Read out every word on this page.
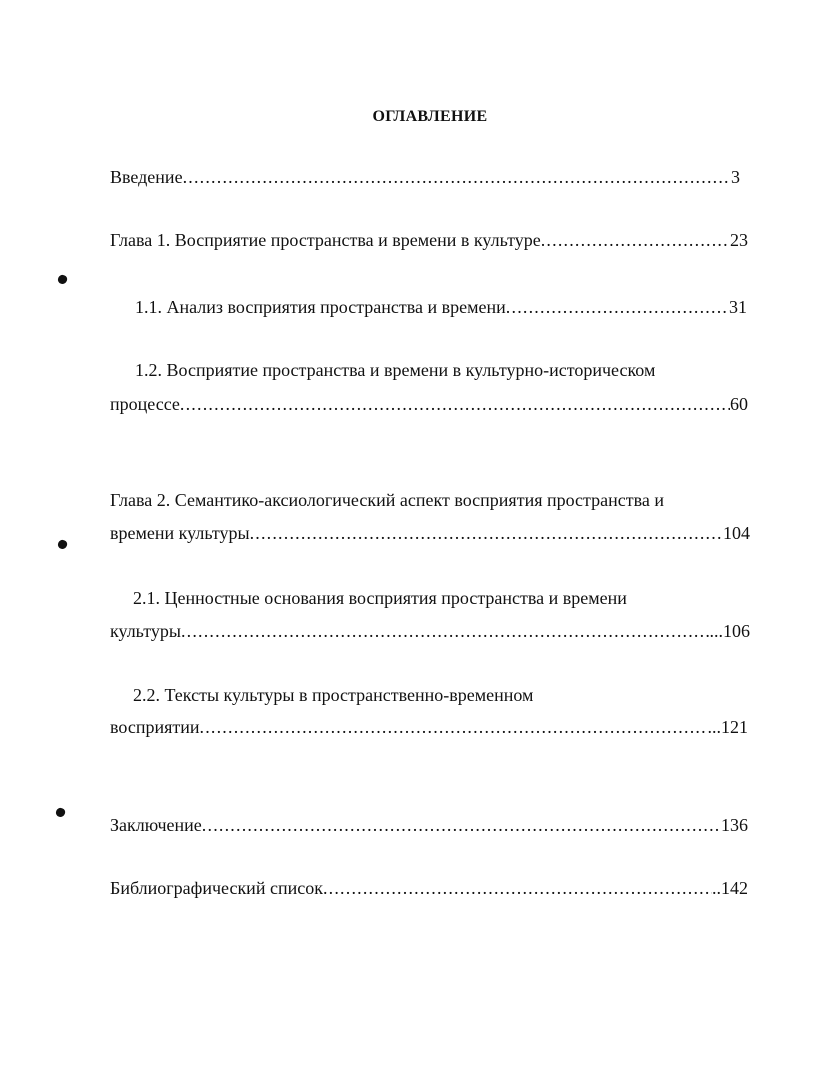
ОГЛАВЛЕНИЕ
Введение .....	3
Глава 1. Восприятие пространства и времени в культуре .....	23
1.1. Анализ восприятия пространства и времени .....	31
1.2. Восприятие пространства и времени в культурно-историческом
процессе .....	60
Глава 2. Семантико-аксиологический аспект восприятия пространства и
времени культуры .....	104
2.1. Ценностные основания восприятия пространства и времени
культуры .....	...106
2.2. Тексты культуры в пространственно-временном
восприятии .....	...121
Заключение .....	136
Библиографический список .....	..142
